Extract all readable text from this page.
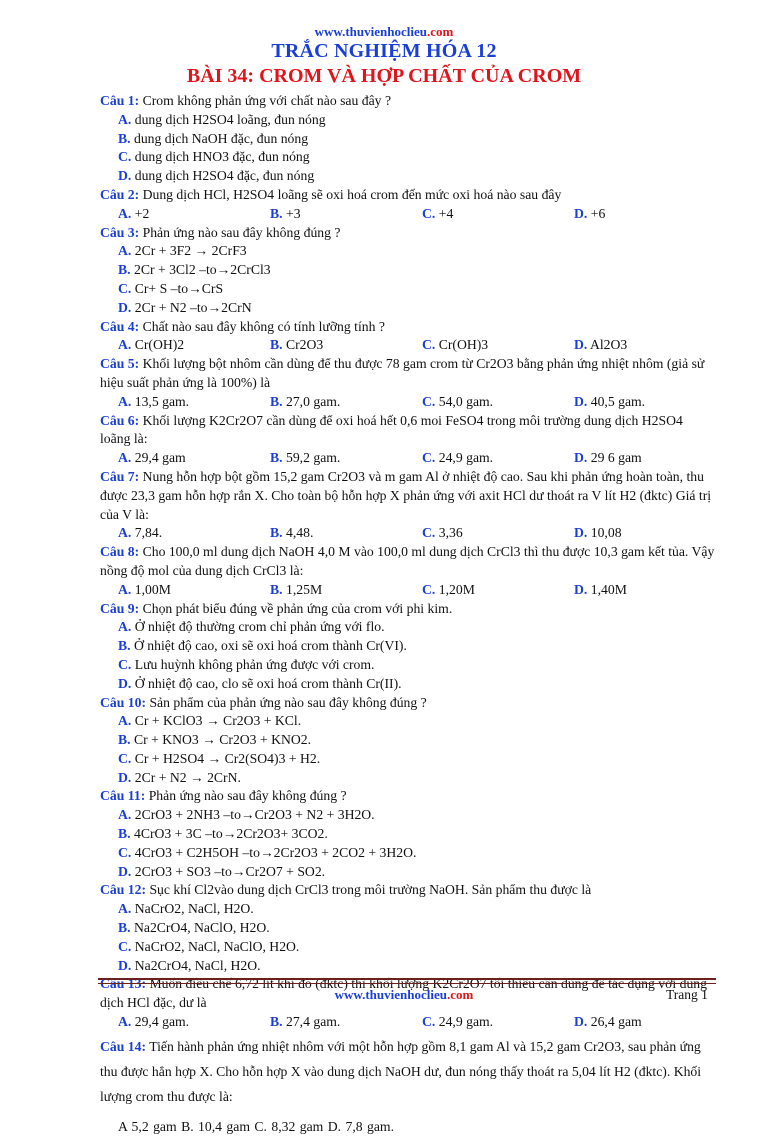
www.thuvienhoclieu.com
TRẮC NGHIỆM HÓA 12
BÀI 34: CROM VÀ HỢP CHẤT CỦA CROM
Câu 1: Crom không phản ứng với chất nào sau đây ?
A. dung dịch H2SO4 loãng, đun nóng
B. dung dịch NaOH đặc, đun nóng
C. dung dịch HNO3 đặc, đun nóng
D. dung dịch H2SO4 đặc, đun nóng
Câu 2: Dung dịch HCl, H2SO4 loãng sẽ oxi hoá crom đến mức oxi hoá nào sau đây
A. +2	B. +3	C. +4	D. +6
Câu 3: Phản ứng nào sau đây không đúng ?
A. 2Cr + 3F2 → 2CrF3
B. 2Cr + 3Cl2 –to→2CrCl3
C. Cr+ S –to→CrS
D. 2Cr + N2 –to→2CrN
Câu 4: Chất nào sau đây không có tính lưỡng tính ?
A. Cr(OH)2	B. Cr2O3	C. Cr(OH)3	D. Al2O3
Câu 5: Khối lượng bột nhôm cần dùng để thu được 78 gam crom từ Cr2O3 bằng phản ứng nhiệt nhôm (giả sử hiệu suất phản ứng là 100%) là
A. 13,5 gam.	B. 27,0 gam.	C. 54,0 gam.	D. 40,5 gam.
Câu 6: Khối lượng K2Cr2O7 cần dùng để oxi hoá hết 0,6 moi FeSO4 trong môi trường dung dịch H2SO4 loãng là:
A. 29,4 gam	B. 59,2 gam.	C. 24,9 gam.	D. 29 6 gam
Câu 7: Nung hỗn hợp bột gồm 15,2 gam Cr2O3 và m gam Al ở nhiệt độ cao. Sau khi phản ứng hoàn toàn, thu được 23,3 gam hỗn hợp rắn X. Cho toàn bộ hỗn hợp X phản ứng với axit HCl dư thoát ra V lít H2 (đktc) Giá trị của V là:
A. 7,84.	B. 4,48.	C. 3,36	D. 10,08
Câu 8: Cho 100,0 ml dung dịch NaOH 4,0 M vào 100,0 ml dung dịch CrCl3 thì thu được 10,3 gam kết tủa. Vậy nồng độ mol của dung dịch CrCl3 là:
A. 1,00M	B. 1,25M	C. 1,20M	D. 1,40M
Câu 9: Chọn phát biểu đúng về phản ứng của crom với phi kim.
A. Ở nhiệt độ thường crom chỉ phản ứng với flo.
B. Ở nhiệt độ cao, oxi sẽ oxi hoá crom thành Cr(VI).
C. Lưu huỳnh không phản ứng được với crom.
D. Ở nhiệt độ cao, clo sẽ oxi hoá crom thành Cr(II).
Câu 10: Sản phẩm của phản ứng nào sau đây không đúng ?
A. Cr + KClO3 → Cr2O3 + KCl.
B. Cr + KNO3 → Cr2O3 + KNO2.
C. Cr + H2SO4 → Cr2(SO4)3 + H2.
D. 2Cr + N2 → 2CrN.
Câu 11: Phản ứng nào sau đây không đúng ?
A. 2CrO3 + 2NH3 –to→Cr2O3 + N2 + 3H2O.
B. 4CrO3 + 3C –to→2Cr2O3+ 3CO2.
C. 4CrO3 + C2H5OH –to→2Cr2O3 + 2CO2 + 3H2O.
D. 2CrO3 + SO3 –to→Cr2O7 + SO2.
Câu 12: Sục khí Cl2vào dung dịch CrCl3 trong môi trường NaOH. Sản phẩm thu được là
A. NaCrO2, NaCl, H2O.
B. Na2CrO4, NaClO, H2O.
C. NaCrO2, NaCl, NaClO, H2O.
D. Na2CrO4, NaCl, H2O.
Câu 13: Muốn điều chế 6,72 lít khí đo (đktc) thì khối lượng K2Cr2O7 tối thiểu cần dùng để tác dụng với dung dịch HCl đặc, dư là
A. 29,4 gam.	B. 27,4 gam.	C. 24,9 gam.	D. 26,4 gam
Câu 14: Tiến hành phản ứng nhiệt nhôm với một hỗn hợp gồm 8,1 gam Al và 15,2 gam Cr2O3, sau phản ứng thu được hẳn hợp X. Cho hỗn hợp X vào dung dịch NaOH dư, đun nóng thấy thoát ra 5,04 lít H2 (đktc). Khối lượng crom thu được là:
A 5,2 gam B. 10,4 gam C. 8,32 gam D. 7,8 gam.
www.thuvienhoclieu.com	Trang 1
